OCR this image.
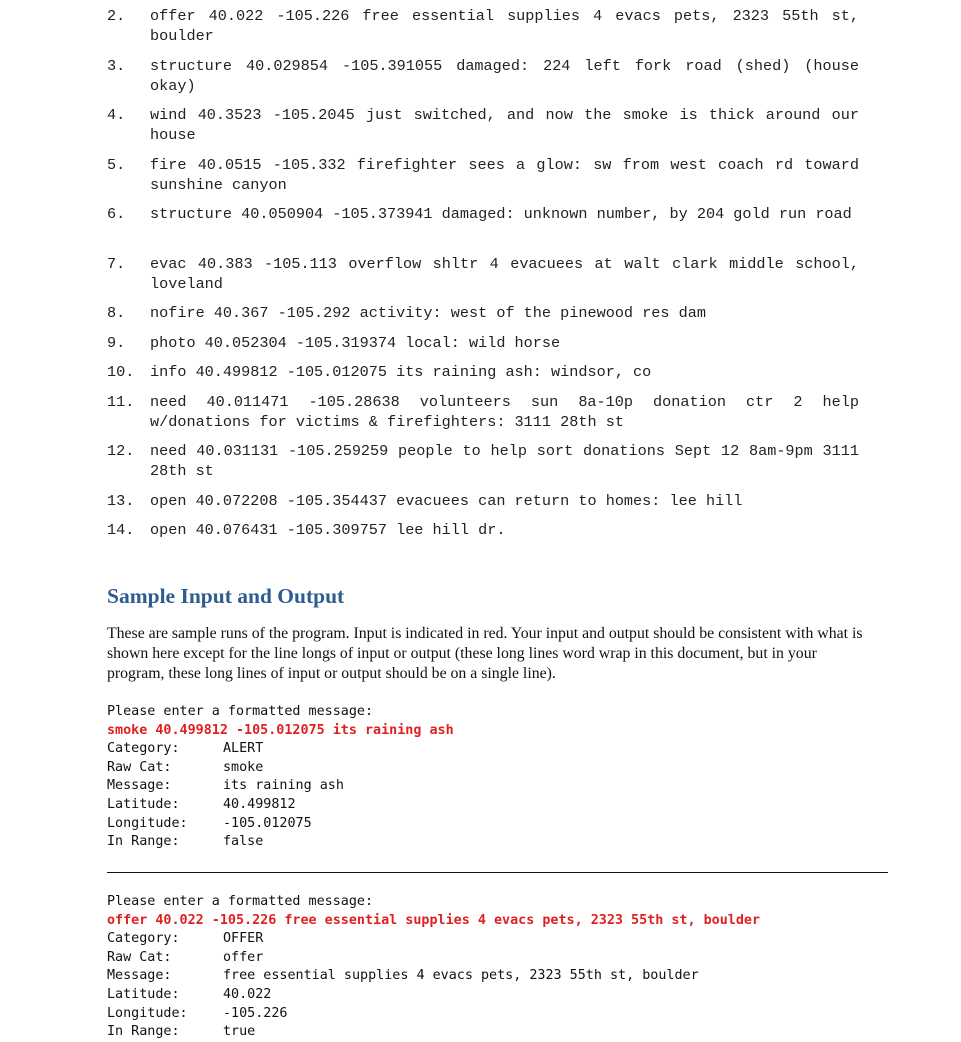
2.	offer 40.022 -105.226 free essential supplies 4 evacs pets, 2323 55th st, boulder
3.	structure 40.029854 -105.391055 damaged: 224 left fork road (shed) (house okay)
4.	wind 40.3523 -105.2045 just switched, and now the smoke is thick around our house
5.	fire 40.0515 -105.332 firefighter sees a glow: sw from west coach rd toward sunshine canyon
6.	structure 40.050904 -105.373941 damaged: unknown number, by 204 gold run road
7.	evac 40.383 -105.113 overflow shltr 4 evacuees at walt clark middle school, loveland
8.	nofire 40.367 -105.292 activity: west of the pinewood res dam
9.	photo 40.052304 -105.319374 local: wild horse
10.	info 40.499812 -105.012075 its raining ash: windsor, co
11.	need 40.011471 -105.28638 volunteers sun 8a-10p donation ctr 2 help w/donations for victims & firefighters: 3111 28th st
12.	need 40.031131 -105.259259 people to help sort donations Sept 12 8am-9pm 3111 28th st
13.	open 40.072208 -105.354437 evacuees can return to homes: lee hill
14.	open 40.076431 -105.309757 lee hill dr.
Sample Input and Output

These are sample runs of the program. Input is indicated in red. Your input and output should be consistent with what is shown here except for the line longs of input or output (these long lines word wrap in this document, but in your program, these long lines of input or output should be on a single line).

Please enter a formatted message:
smoke 40.499812 -105.012075 its raining ash
Category:	ALERT
Raw Cat:	smoke
Message:	its raining ash
Latitude:	40.499812
Longitude:	-105.012075
In Range:	false
Please enter a formatted message:
offer 40.022 -105.226 free essential supplies 4 evacs pets, 2323 55th st, boulder
Category:	OFFER
Raw Cat:	offer
Message:	free essential supplies 4 evacs pets, 2323 55th st, boulder
Latitude:	40.022
Longitude:	-105.226
In Range:	true
